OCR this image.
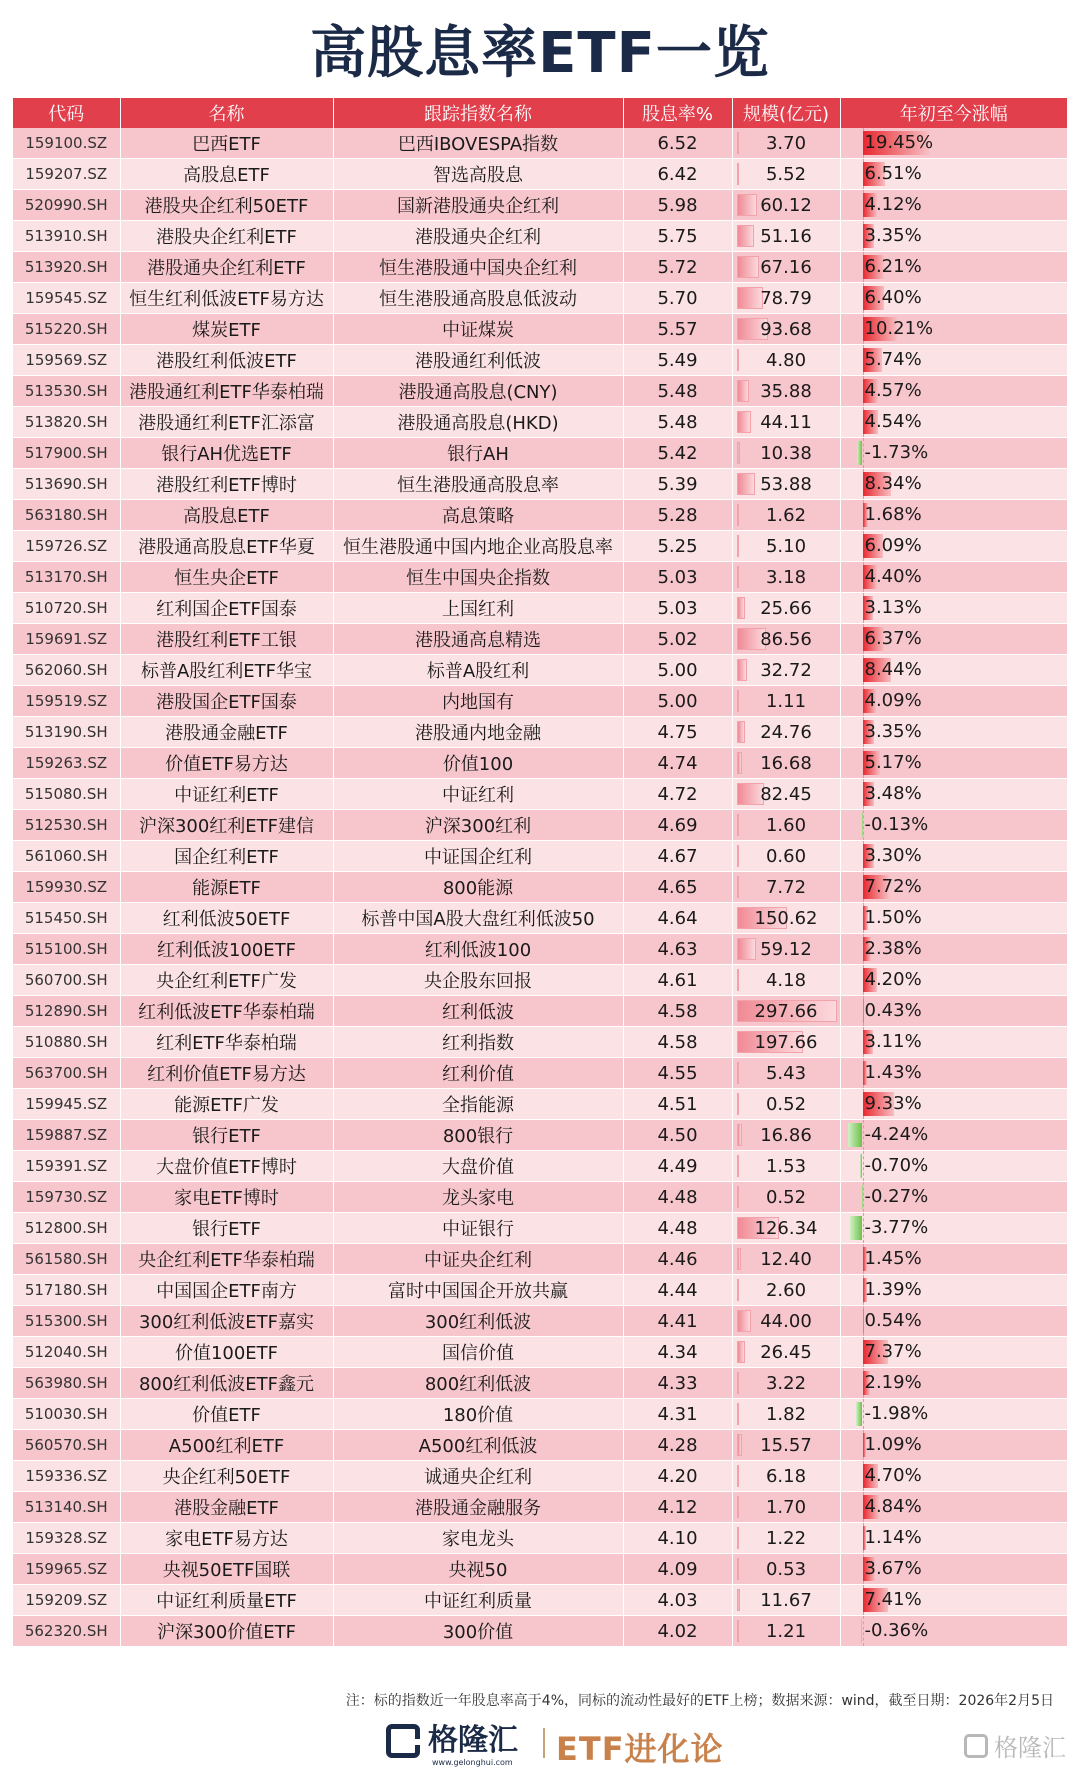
高股息率ETF一览
代码	名称	跟踪指数名称	股息率%	规模(亿元)	年初至今涨幅
159100.SZ	巴西ETF	巴西IBOVESPA指数	6.52	3.70	19.45%

159207.SZ	高股息ETF	智选高股息	6.42	5.52	6.51%

520990.SH	港股央企红利50ETF	国新港股通央企红利	5.98	60.12	4.12%

513910.SH	港股央企红利ETF	港股通央企红利	5.75	51.16	3.35%

513920.SH	港股通央企红利ETF	恒生港股通中国央企红利	5.72	67.16	6.21%

159545.SZ	恒生红利低波ETF易方达	恒生港股通高股息低波动	5.70	78.79	6.40%

515220.SH	煤炭ETF	中证煤炭	5.57	93.68	10.21%

159569.SZ	港股红利低波ETF	港股通红利低波	5.49	4.80	5.74%

513530.SH	港股通红利ETF华泰柏瑞	港股通高股息(CNY)	5.48	35.88	4.57%

513820.SH	港股通红利ETF汇添富	港股通高股息(HKD)	5.48	44.11	4.54%

517900.SH	银行AH优选ETF	银行AH	5.42	10.38	-1.73%

513690.SH	港股红利ETF博时	恒生港股通高股息率	5.39	53.88	8.34%

563180.SH	高股息ETF	高息策略	5.28	1.62	1.68%

159726.SZ	港股通高股息ETF华夏	恒生港股通中国内地企业高股息率	5.25	5.10	6.09%

513170.SH	恒生央企ETF	恒生中国央企指数	5.03	3.18	4.40%

510720.SH	红利国企ETF国泰	上国红利	5.03	25.66	3.13%

159691.SZ	港股红利ETF工银	港股通高息精选	5.02	86.56	6.37%

562060.SH	标普A股红利ETF华宝	标普A股红利	5.00	32.72	8.44%

159519.SZ	港股国企ETF国泰	内地国有	5.00	1.11	4.09%

513190.SH	港股通金融ETF	港股通内地金融	4.75	24.76	3.35%

159263.SZ	价值ETF易方达	价值100	4.74	16.68	5.17%

515080.SH	中证红利ETF	中证红利	4.72	82.45	3.48%

512530.SH	沪深300红利ETF建信	沪深300红利	4.69	1.60	-0.13%

561060.SH	国企红利ETF	中证国企红利	4.67	0.60	3.30%

159930.SZ	能源ETF	800能源	4.65	7.72	7.72%

515450.SH	红利低波50ETF	标普中国A股大盘红利低波50	4.64	150.62	1.50%

515100.SH	红利低波100ETF	红利低波100	4.63	59.12	2.38%

560700.SH	央企红利ETF广发	央企股东回报	4.61	4.18	4.20%

512890.SH	红利低波ETF华泰柏瑞	红利低波	4.58	297.66	0.43%

510880.SH	红利ETF华泰柏瑞	红利指数	4.58	197.66	3.11%

563700.SH	红利价值ETF易方达	红利价值	4.55	5.43	1.43%

159945.SZ	能源ETF广发	全指能源	4.51	0.52	9.33%

159887.SZ	银行ETF	800银行	4.50	16.86	-4.24%

159391.SZ	大盘价值ETF博时	大盘价值	4.49	1.53	-0.70%

159730.SZ	家电ETF博时	龙头家电	4.48	0.52	-0.27%

512800.SH	银行ETF	中证银行	4.48	126.34	-3.77%

561580.SH	央企红利ETF华泰柏瑞	中证央企红利	4.46	12.40	1.45%

517180.SH	中国国企ETF南方	富时中国国企开放共赢	4.44	2.60	1.39%

515300.SH	300红利低波ETF嘉实	300红利低波	4.41	44.00	0.54%

512040.SH	价值100ETF	国信价值	4.34	26.45	7.37%

563980.SH	800红利低波ETF鑫元	800红利低波	4.33	3.22	2.19%

510030.SH	价值ETF	180价值	4.31	1.82	-1.98%

560570.SH	A500红利ETF	A500红利低波	4.28	15.57	1.09%

159336.SZ	央企红利50ETF	诚通央企红利	4.20	6.18	4.70%

513140.SH	港股金融ETF	港股通金融服务	4.12	1.70	4.84%

159328.SZ	家电ETF易方达	家电龙头	4.10	1.22	1.14%

159965.SZ	央视50ETF国联	央视50	4.09	0.53	3.67%

159209.SZ	中证红利质量ETF	中证红利质量	4.03	11.67	7.41%

562320.SH	沪深300价值ETF	300价值	4.02	1.21	-0.36%
注：标的指数近一年股息率高于4%，同标的流动性最好的ETF上榜；数据来源：wind，截至日期：2026年2月5日
格隆汇
www.gelonghui.com ETF进化论	格隆汇
